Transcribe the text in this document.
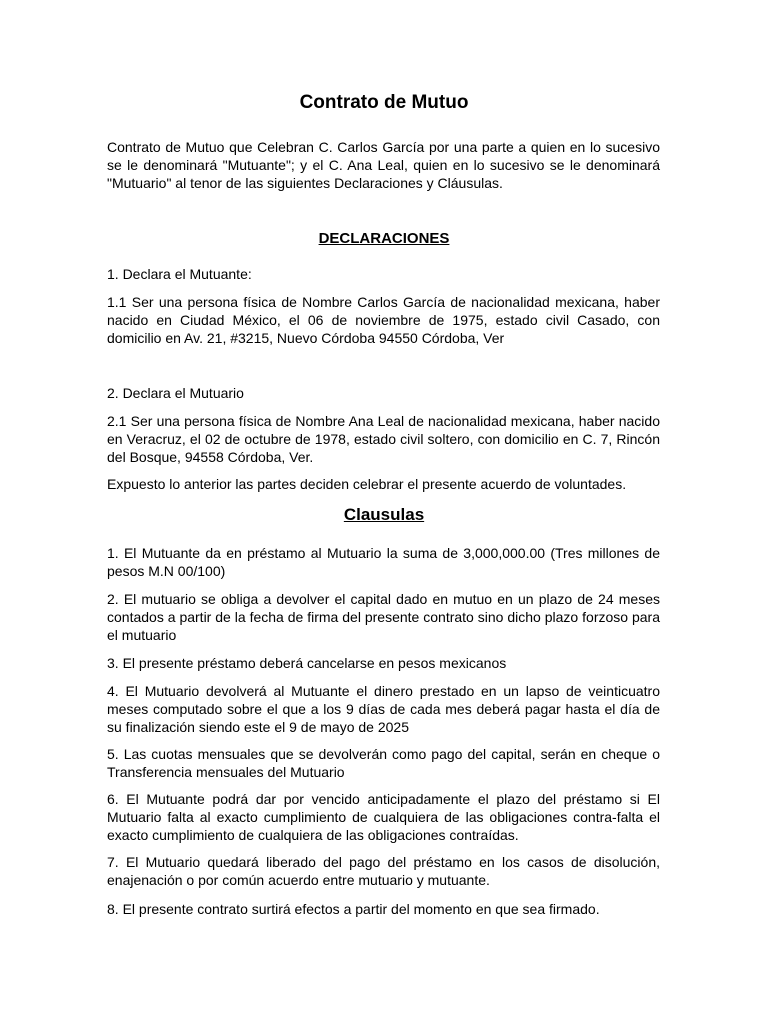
Contrato de Mutuo

Contrato de Mutuo que Celebran C. Carlos García por una parte a quien en lo sucesivo se le denominará "Mutuante"; y el C. Ana Leal, quien en lo sucesivo se le denominará "Mutuario" al tenor de las siguientes Declaraciones y Cláusulas.

DECLARACIONES

1. Declara el Mutuante:

1.1 Ser una persona física de Nombre Carlos García de nacionalidad mexicana, haber nacido en Ciudad México, el 06 de noviembre de 1975, estado civil Casado, con domicilio en Av. 21, #3215, Nuevo Córdoba 94550 Córdoba, Ver

2. Declara el Mutuario

2.1 Ser una persona física de Nombre Ana Leal de nacionalidad mexicana, haber nacido en Veracruz, el 02 de octubre de 1978, estado civil soltero, con domicilio en C. 7, Rincón del Bosque, 94558 Córdoba, Ver.

Expuesto lo anterior las partes deciden celebrar el presente acuerdo de voluntades.

Clausulas

1. El Mutuante da en préstamo al Mutuario la suma de 3,000,000.00 (Tres millones de pesos M.N 00/100)

2. El mutuario se obliga a devolver el capital dado en mutuo en un plazo de 24 meses contados a partir de la fecha de firma del presente contrato sino dicho plazo forzoso para el mutuario

3. El presente préstamo deberá cancelarse en pesos mexicanos

4. El Mutuario devolverá al Mutuante el dinero prestado en un lapso de veinticuatro meses computado sobre el que a los 9 días de cada mes deberá pagar hasta el día de su finalización siendo este el 9 de mayo de 2025

5. Las cuotas mensuales que se devolverán como pago del capital, serán en cheque o Transferencia mensuales del Mutuario

6. El Mutuante podrá dar por vencido anticipadamente el plazo del préstamo si El Mutuario falta al exacto cumplimiento de cualquiera de las obligaciones contra-falta el exacto cumplimiento de cualquiera de las obligaciones contraídas.

7. El Mutuario quedará liberado del pago del préstamo en los casos de disolución, enajenación o por común acuerdo entre mutuario y mutuante.

8. El presente contrato surtirá efectos a partir del momento en que sea firmado.
